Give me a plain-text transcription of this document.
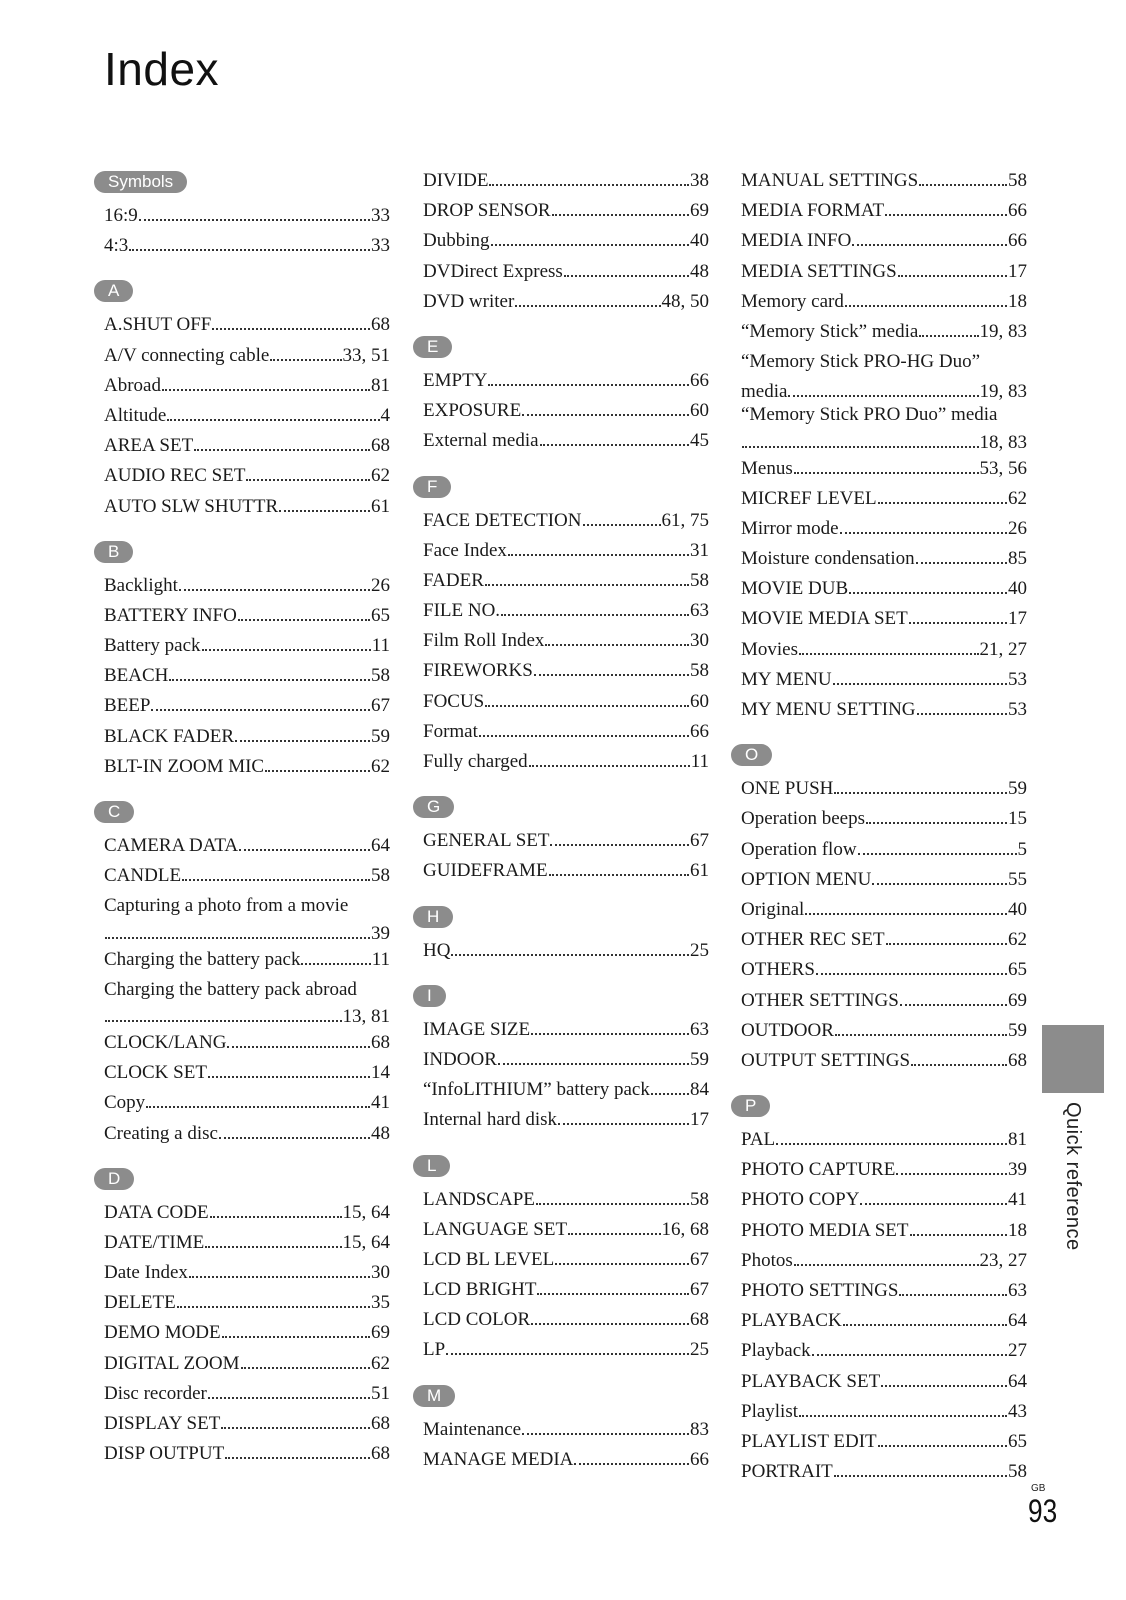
Index
Symbols
16:9	33
4:3	33
A
A.SHUT OFF	68
A/V connecting cable	33, 51
Abroad	81
Altitude	4
AREA SET	68
AUDIO REC SET	62
AUTO SLW SHUTTR	61
B
Backlight	26
BATTERY INFO	65
Battery pack	11
BEACH	58
BEEP	67
BLACK FADER	59
BLT-IN ZOOM MIC	62
C
CAMERA DATA	64
CANDLE	58
Capturing a photo from a movie
39
Charging the battery pack	11
Charging the battery pack abroad
13, 81
CLOCK/LANG	68
CLOCK SET	14
Copy	41
Creating a disc	48
D
DATA CODE	15, 64
DATE/TIME	15, 64
Date Index	30
DELETE	35
DEMO MODE	69
DIGITAL ZOOM	62
Disc recorder	51
DISPLAY SET	68
DISP OUTPUT	68
DIVIDE	38
DROP SENSOR	69
Dubbing	40
DVDirect Express	48
DVD writer	48, 50
E
EMPTY	66
EXPOSURE	60
External media	45
F
FACE DETECTION	61, 75
Face Index	31
FADER	58
FILE NO.	63
Film Roll Index	30
FIREWORKS	58
FOCUS	60
Format	66
Fully charged	11
G
GENERAL SET	67
GUIDEFRAME	61
H
HQ	25
I
IMAGE SIZE	63
INDOOR	59
“InfoLITHIUM” battery pack 84
Internal hard disk	17
L
LANDSCAPE	58
LANGUAGE SET	16, 68
LCD BL LEVEL	67
LCD BRIGHT	67
LCD COLOR	68
LP	25
M
Maintenance	83
MANAGE MEDIA	66
MANUAL SETTINGS	58
MEDIA FORMAT	66
MEDIA INFO	66
MEDIA SETTINGS	17
Memory card	18
“Memory Stick” media	19, 83
“Memory Stick PRO-HG Duo”
media	19, 83
“Memory Stick PRO Duo” media
18, 83
Menus	53, 56
MICREF LEVEL	62
Mirror mode	26
Moisture condensation	85
MOVIE DUB	40
MOVIE MEDIA SET	17
Movies	21, 27
MY MENU	53
MY MENU SETTING	53
O
ONE PUSH	59
Operation beeps	15
Operation flow	5
OPTION MENU	55
Original	40
OTHER REC SET	62
OTHERS	65
OTHER SETTINGS	69
OUTDOOR	59
OUTPUT SETTINGS	68
P
PAL	81
PHOTO CAPTURE	39
PHOTO COPY	41
PHOTO MEDIA SET	18
Photos	23, 27
PHOTO SETTINGS	63
PLAYBACK	64
Playback	27
PLAYBACK SET	64
Playlist	43
PLAYLIST EDIT	65
PORTRAIT	58
Quick reference
GB
93
